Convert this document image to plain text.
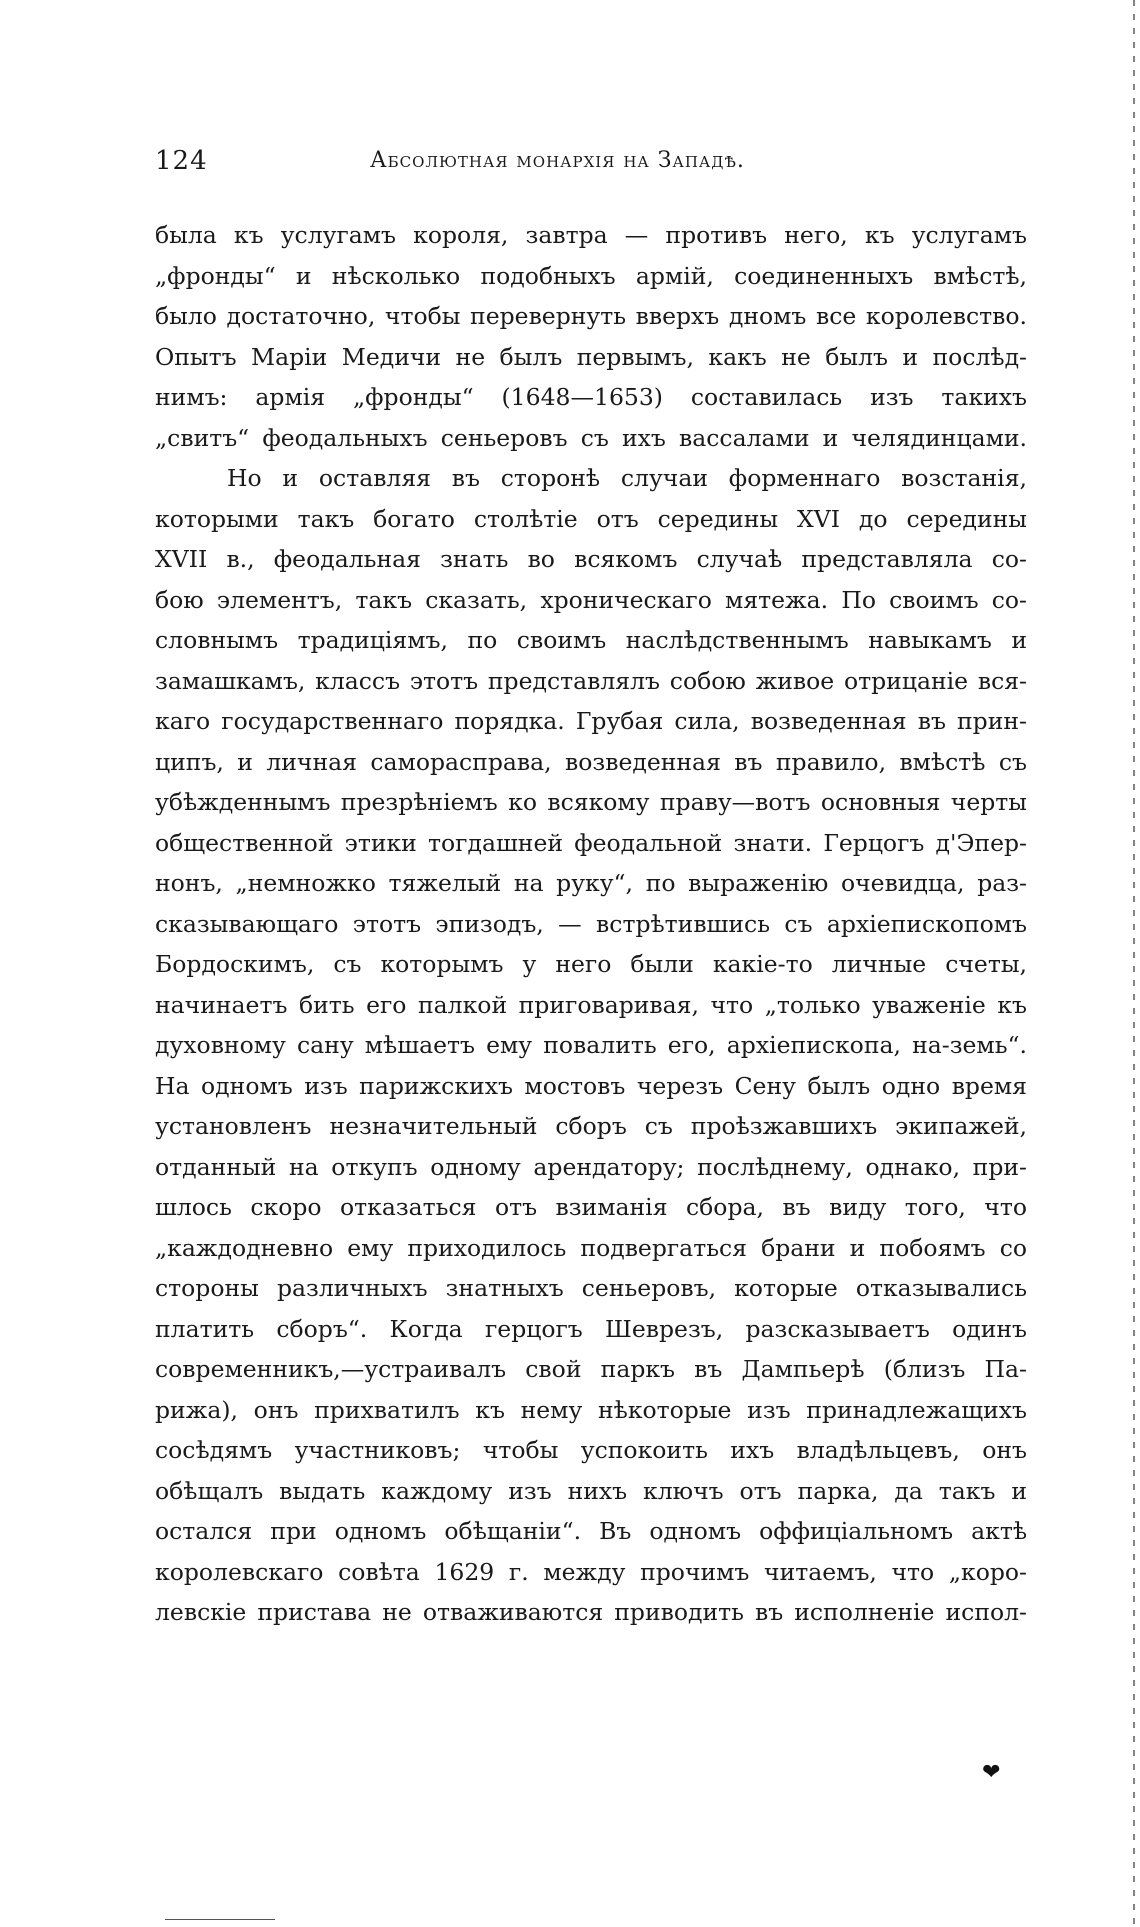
124	Абсолютная монархія на Западѣ.
была къ услугамъ короля, завтра — противъ него, къ услугамъ
„фронды“ и нѣсколько подобныхъ армій, соединенныхъ вмѣстѣ,
было достаточно, чтобы перевернуть вверхъ дномъ все королевство.
Опытъ Маріи Медичи не былъ первымъ, какъ не былъ и послѣд-
нимъ: армія „фронды“ (1648—1653) составилась изъ такихъ
„свитъ“ феодальныхъ сеньеровъ съ ихъ вассалами и челядинцами.
Но и оставляя въ сторонѣ случаи форменнаго возстанія,
которыми такъ богато столѣтіе отъ середины XVI до середины
XVII в., феодальная знать во всякомъ случаѣ представляла со-
бою элементъ, такъ сказать, хроническаго мятежа. По своимъ со-
словнымъ традиціямъ, по своимъ наслѣдственнымъ навыкамъ и
замашкамъ, классъ этотъ представлялъ собою живое отрицаніе вся-
каго государственнаго порядка. Грубая сила, возведенная въ прин-
ципъ, и личная саморасправа, возведенная въ правило, вмѣстѣ съ
убѣжденнымъ презрѣніемъ ко всякому праву—вотъ основныя черты
общественной этики тогдашней феодальной знати. Герцогъ д'Эпер-
нонъ, „немножко тяжелый на руку“, по выраженію очевидца, раз-
сказывающаго этотъ эпизодъ, — встрѣтившись съ архіепископомъ
Бордоскимъ, съ которымъ у него были какіе-то личные счеты,
начинаетъ бить его палкой приговаривая, что „только уваженіе къ
духовному сану мѣшаетъ ему повалить его, архіепископа, на-земь“.
На одномъ изъ парижскихъ мостовъ черезъ Сену былъ одно время
установленъ незначительный сборъ съ проѣзжавшихъ экипажей,
отданный на откупъ одному арендатору; послѣднему, однако, при-
шлось скоро отказаться отъ взиманія сбора, въ виду того, что
„каждодневно ему приходилось подвергаться брани и побоямъ со
стороны различныхъ знатныхъ сеньеровъ, которые отказывались
платить сборъ“. Когда герцогъ Шеврезъ, разсказываетъ одинъ
современникъ,—устраивалъ свой паркъ въ Дампьерѣ (близъ Па-
рижа), онъ прихватилъ къ нему нѣкоторые изъ принадлежащихъ
сосѣдямъ участниковъ; чтобы успокоить ихъ владѣльцевъ, онъ
обѣщалъ выдать каждому изъ нихъ ключъ отъ парка, да такъ и
остался при одномъ обѣщаніи“. Въ одномъ оффиціальномъ актѣ
королевскаго совѣта 1629 г. между прочимъ читаемъ, что „коро-
левскіе пристава не отваживаются приводить въ исполненіе испол-
❤
